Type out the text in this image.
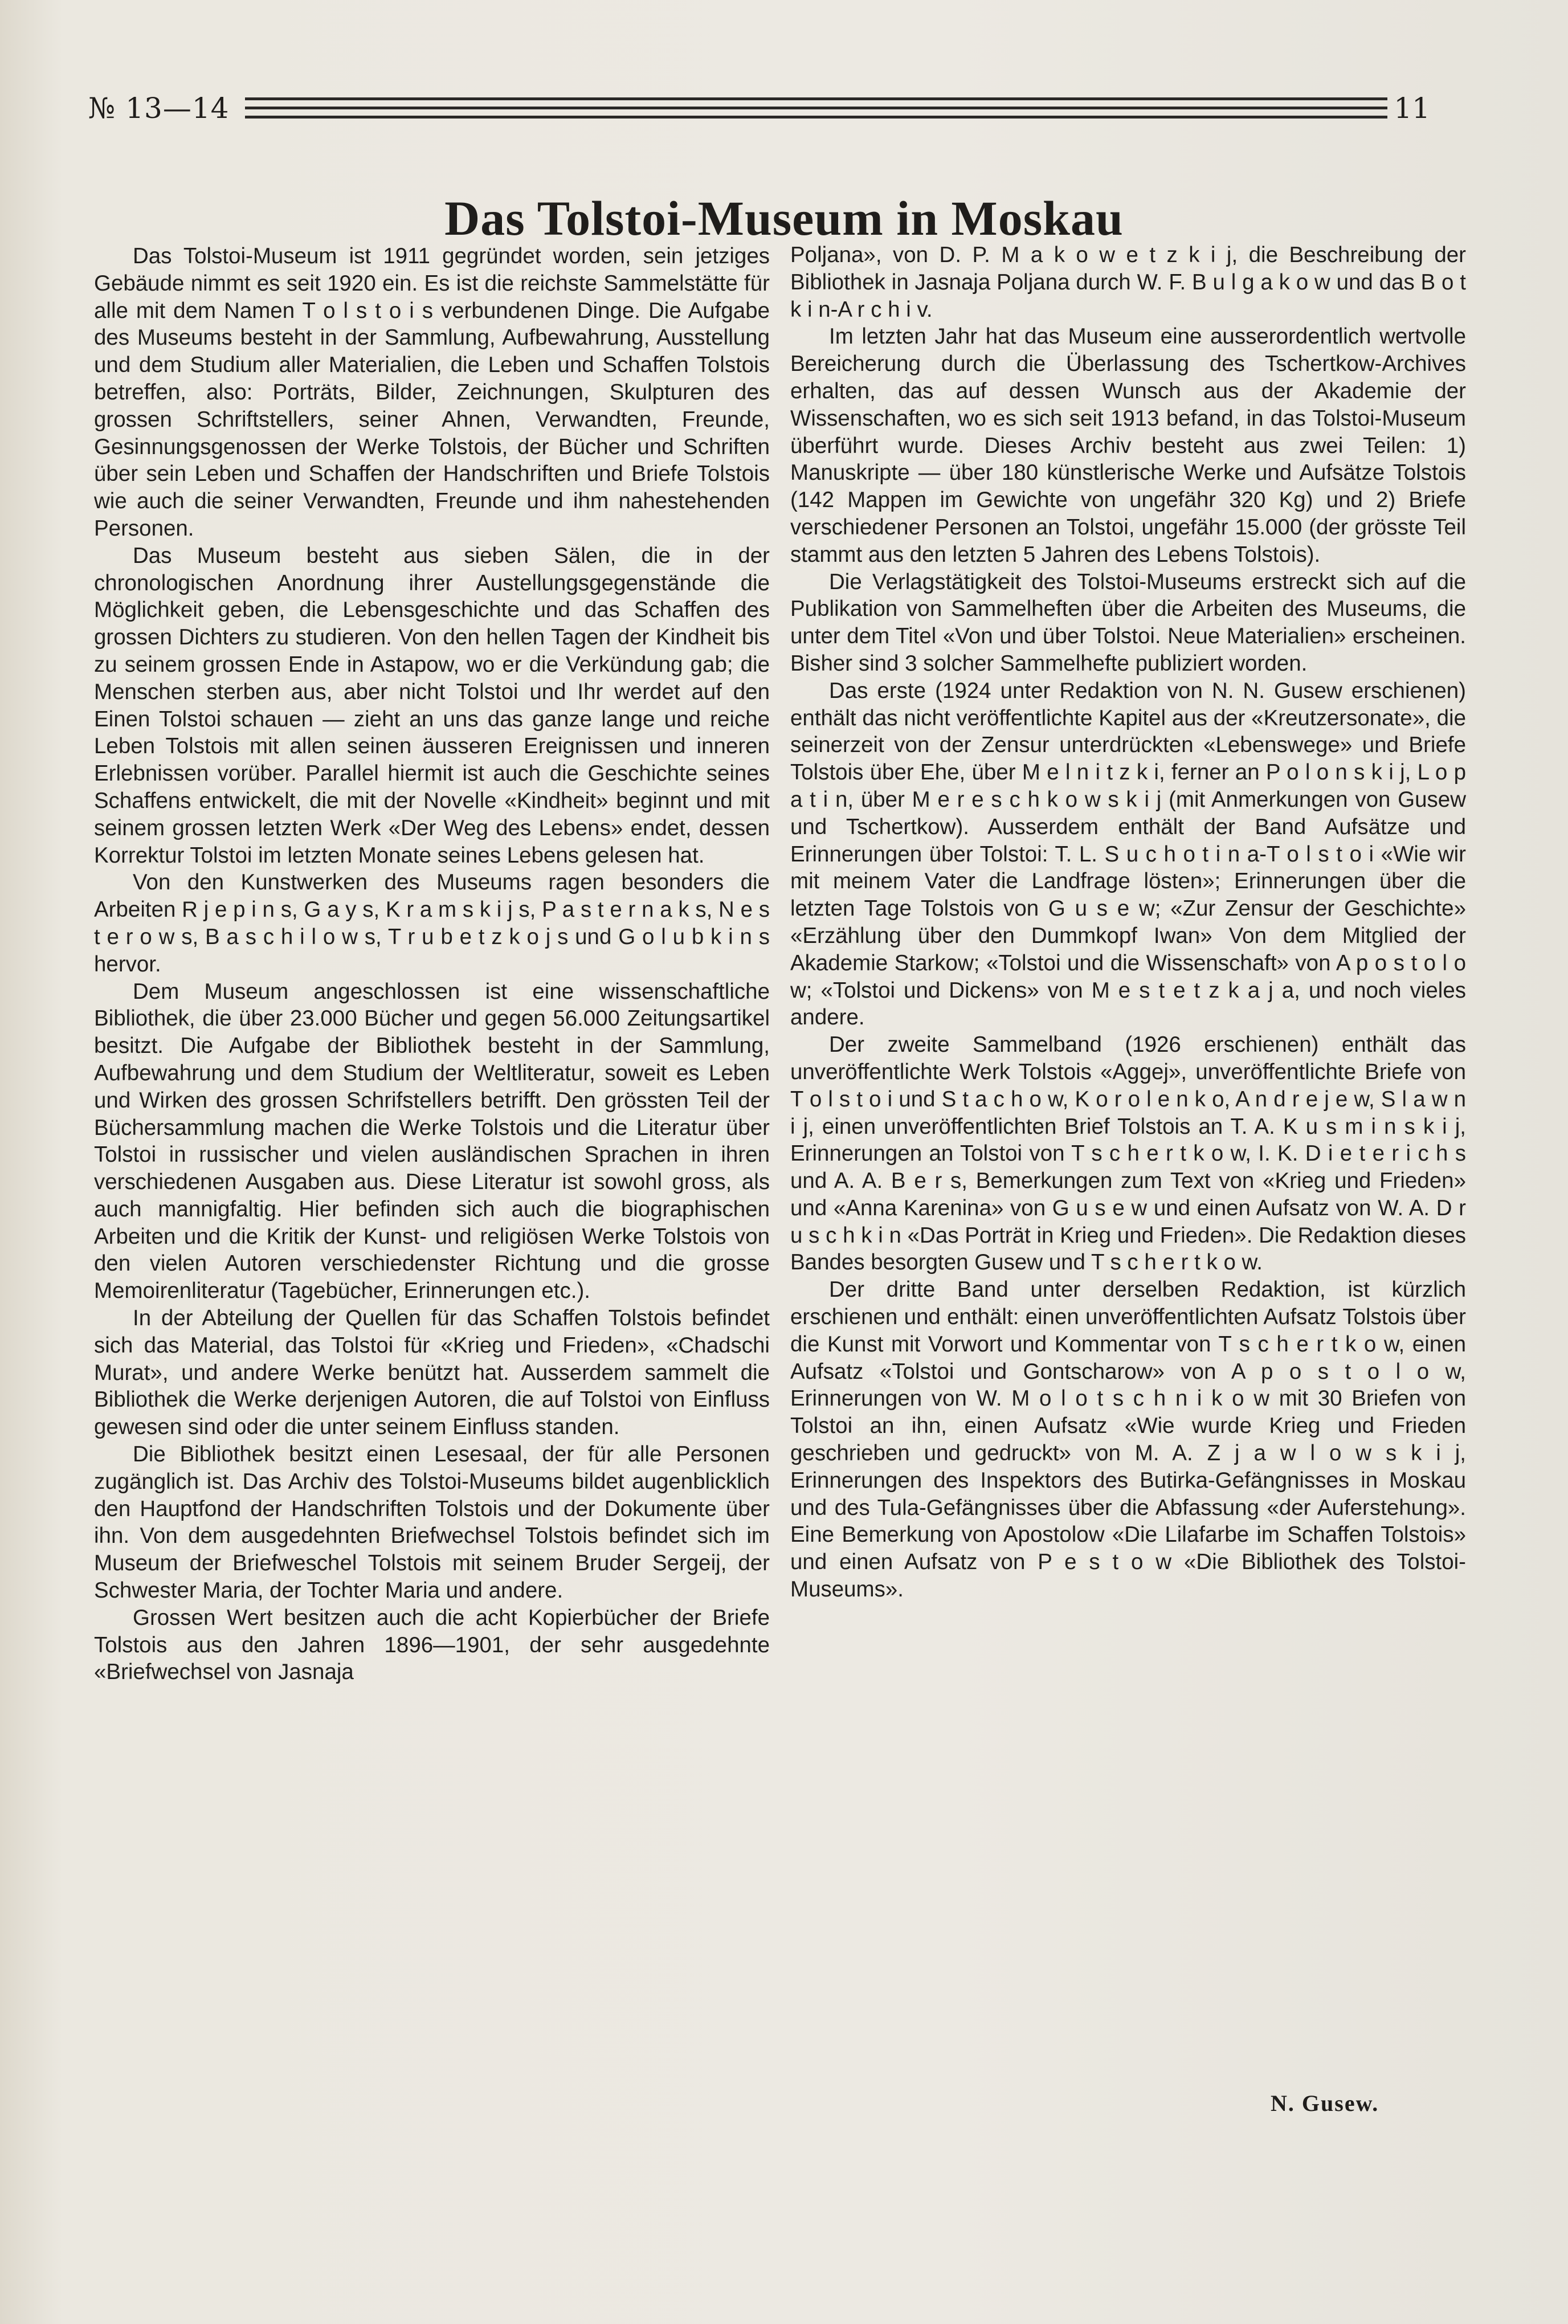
№ 13—14	11
Das Tolstoi-Museum in Moskau

Das Tolstoi-Museum ist 1911 gegründet worden, sein jetziges Gebäude nimmt es seit 1920 ein. Es ist die reichste Sammelstätte für alle mit dem Namen T o l s t o i s verbundenen Dinge. Die Aufgabe des Museums besteht in der Sammlung, Aufbewahrung, Ausstellung und dem Studium aller Materialien, die Leben und Schaffen Tolstois betreffen, also: Porträts, Bilder, Zeichnungen, Skulpturen des grossen Schriftstellers, seiner Ahnen, Verwandten, Freunde, Gesinnungsgenossen der Werke Tolstois, der Bücher und Schriften über sein Leben und Schaffen der Handschriften und Briefe Tolstois wie auch die seiner Verwandten, Freunde und ihm nahestehenden Personen.

Das Museum besteht aus sieben Sälen, die in der chronologischen Anordnung ihrer Austellungsgegenstände die Möglichkeit geben, die Lebensgeschichte und das Schaffen des grossen Dichters zu studieren. Von den hellen Tagen der Kindheit bis zu seinem grossen Ende in Astapow, wo er die Verkündung gab; die Menschen sterben aus, aber nicht Tolstoi und Ihr werdet auf den Einen Tolstoi schauen — zieht an uns das ganze lange und reiche Leben Tolstois mit allen seinen äusseren Ereignissen und inneren Erlebnissen vorüber. Parallel hiermit ist auch die Geschichte seines Schaffens entwickelt, die mit der Novelle «Kindheit» beginnt und mit seinem grossen letzten Werk «Der Weg des Lebens» endet, dessen Korrektur Tolstoi im letzten Monate seines Lebens gelesen hat.

Von den Kunstwerken des Museums ragen besonders die Arbeiten R j e p i n s, G a y s, K r a m s k i j s, P a s t e r n a k s, N e s t e r o w s, B a s c h i l o w s, T r u b e t z k o j s und G o l u b k i n s hervor.

Dem Museum angeschlossen ist eine wissenschaftliche Bibliothek, die über 23.000 Bücher und gegen 56.000 Zeitungsartikel besitzt. Die Aufgabe der Bibliothek besteht in der Sammlung, Aufbewahrung und dem Studium der Weltliteratur, soweit es Leben und Wirken des grossen Schrifstellers betrifft. Den grössten Teil der Büchersammlung machen die Werke Tolstois und die Literatur über Tolstoi in russischer und vielen ausländischen Sprachen in ihren verschiedenen Ausgaben aus. Diese Literatur ist sowohl gross, als auch mannigfaltig. Hier befinden sich auch die biographischen Arbeiten und die Kritik der Kunst- und religiösen Werke Tolstois von den vielen Autoren verschiedenster Richtung und die grosse Memoirenliteratur (Tagebücher, Erinnerungen etc.).

In der Abteilung der Quellen für das Schaffen Tolstois befindet sich das Material, das Tolstoi für «Krieg und Frieden», «Chadschi Murat», und andere Werke benützt hat. Ausserdem sammelt die Bibliothek die Werke derjenigen Autoren, die auf Tolstoi von Einfluss gewesen sind oder die unter seinem Einfluss standen.

Die Bibliothek besitzt einen Lesesaal, der für alle Personen zugänglich ist. Das Archiv des Tolstoi-Museums bildet augenblicklich den Hauptfond der Handschriften Tolstois und der Dokumente über ihn. Von dem ausgedehnten Briefwechsel Tolstois befindet sich im Museum der Briefweschel Tolstois mit seinem Bruder Sergeij, der Schwester Maria, der Tochter Maria und andere.

Grossen Wert besitzen auch die acht Kopierbücher der Briefe Tolstois aus den Jahren 1896—1901, der sehr ausgedehnte «Briefwechsel von Jasnaja

Poljana», von D. P. M a k o w e t z k i j, die Beschreibung der Bibliothek in Jasnaja Poljana durch W. F. B u l g a k o w und das B o t k i n-A r c h i v.

Im letzten Jahr hat das Museum eine ausserordentlich wertvolle Bereicherung durch die Überlassung des Tschertkow-Archives erhalten, das auf dessen Wunsch aus der Akademie der Wissenschaften, wo es sich seit 1913 befand, in das Tolstoi-Museum überführt wurde. Dieses Archiv besteht aus zwei Teilen: 1) Manuskripte — über 180 künstlerische Werke und Aufsätze Tolstois (142 Mappen im Gewichte von ungefähr 320 Kg) und 2) Briefe verschiedener Personen an Tolstoi, ungefähr 15.000 (der grösste Teil stammt aus den letzten 5 Jahren des Lebens Tolstois).

Die Verlagstätigkeit des Tolstoi-Museums erstreckt sich auf die Publikation von Sammelheften über die Arbeiten des Museums, die unter dem Titel «Von und über Tolstoi. Neue Materialien» erscheinen. Bisher sind 3 solcher Sammelhefte publiziert worden.

Das erste (1924 unter Redaktion von N. N. Gusew erschienen) enthält das nicht veröffentlichte Kapitel aus der «Kreutzersonate», die seinerzeit von der Zensur unterdrückten «Lebenswege» und Briefe Tolstois über Ehe, über M e l n i t z k i, ferner an P o l o n s k i j, L o p a t i n, über M e r e s c h k o w s k i j (mit Anmerkungen von Gusew und Tschertkow). Ausserdem enthält der Band Aufsätze und Erinnerungen über Tolstoi: T. L. S u c h o t i n a-T o l s t o i «Wie wir mit meinem Vater die Landfrage lösten»; Erinnerungen über die letzten Tage Tolstois von G u s e w; «Zur Zensur der Geschichte» «Erzählung über den Dummkopf Iwan» Von dem Mitglied der Akademie Starkow; «Tolstoi und die Wissenschaft» von A p o s t o l o w; «Tolstoi und Dickens» von M e s t e t z k a j a, und noch vieles andere.

Der zweite Sammelband (1926 erschienen) enthält das unveröffentlichte Werk Tolstois «Aggej», unveröffentlichte Briefe von T o l s t o i und S t a c h o w, K o r o l e n k o, A n d r e j e w, S l a w n i j, einen unveröffentlichten Brief Tolstois an T. A. K u s m i n s k i j, Erinnerungen an Tolstoi von T s c h e r t k o w, I. K. D i e t e r i c h s und A. A. B e r s, Bemerkungen zum Text von «Krieg und Frieden» und «Anna Karenina» von G u s e w und einen Aufsatz von W. A. D r u s c h k i n «Das Porträt in Krieg und Frieden». Die Redaktion dieses Bandes besorgten Gusew und T s c h e r t k o w.

Der dritte Band unter derselben Redaktion, ist kürzlich erschienen und enthält: einen unveröffentlichten Aufsatz Tolstois über die Kunst mit Vorwort und Kommentar von T s c h e r t k o w, einen Aufsatz «Tolstoi und Gontscharow» von A p o s t o l o w, Erinnerungen von W. M o l o t s c h n i k o w mit 30 Briefen von Tolstoi an ihn, einen Aufsatz «Wie wurde Krieg und Frieden geschrieben und gedruckt» von M. A. Z j a w l o w s k i j, Erinnerungen des Inspektors des Butirka-Gefängnisses in Moskau und des Tula-Gefängnisses über die Abfassung «der Auferstehung». Eine Bemerkung von Apostolow «Die Lilafarbe im Schaffen Tolstois» und einen Aufsatz von P e s t o w «Die Bibliothek des Tolstoi-Museums».

N. Gusew.
